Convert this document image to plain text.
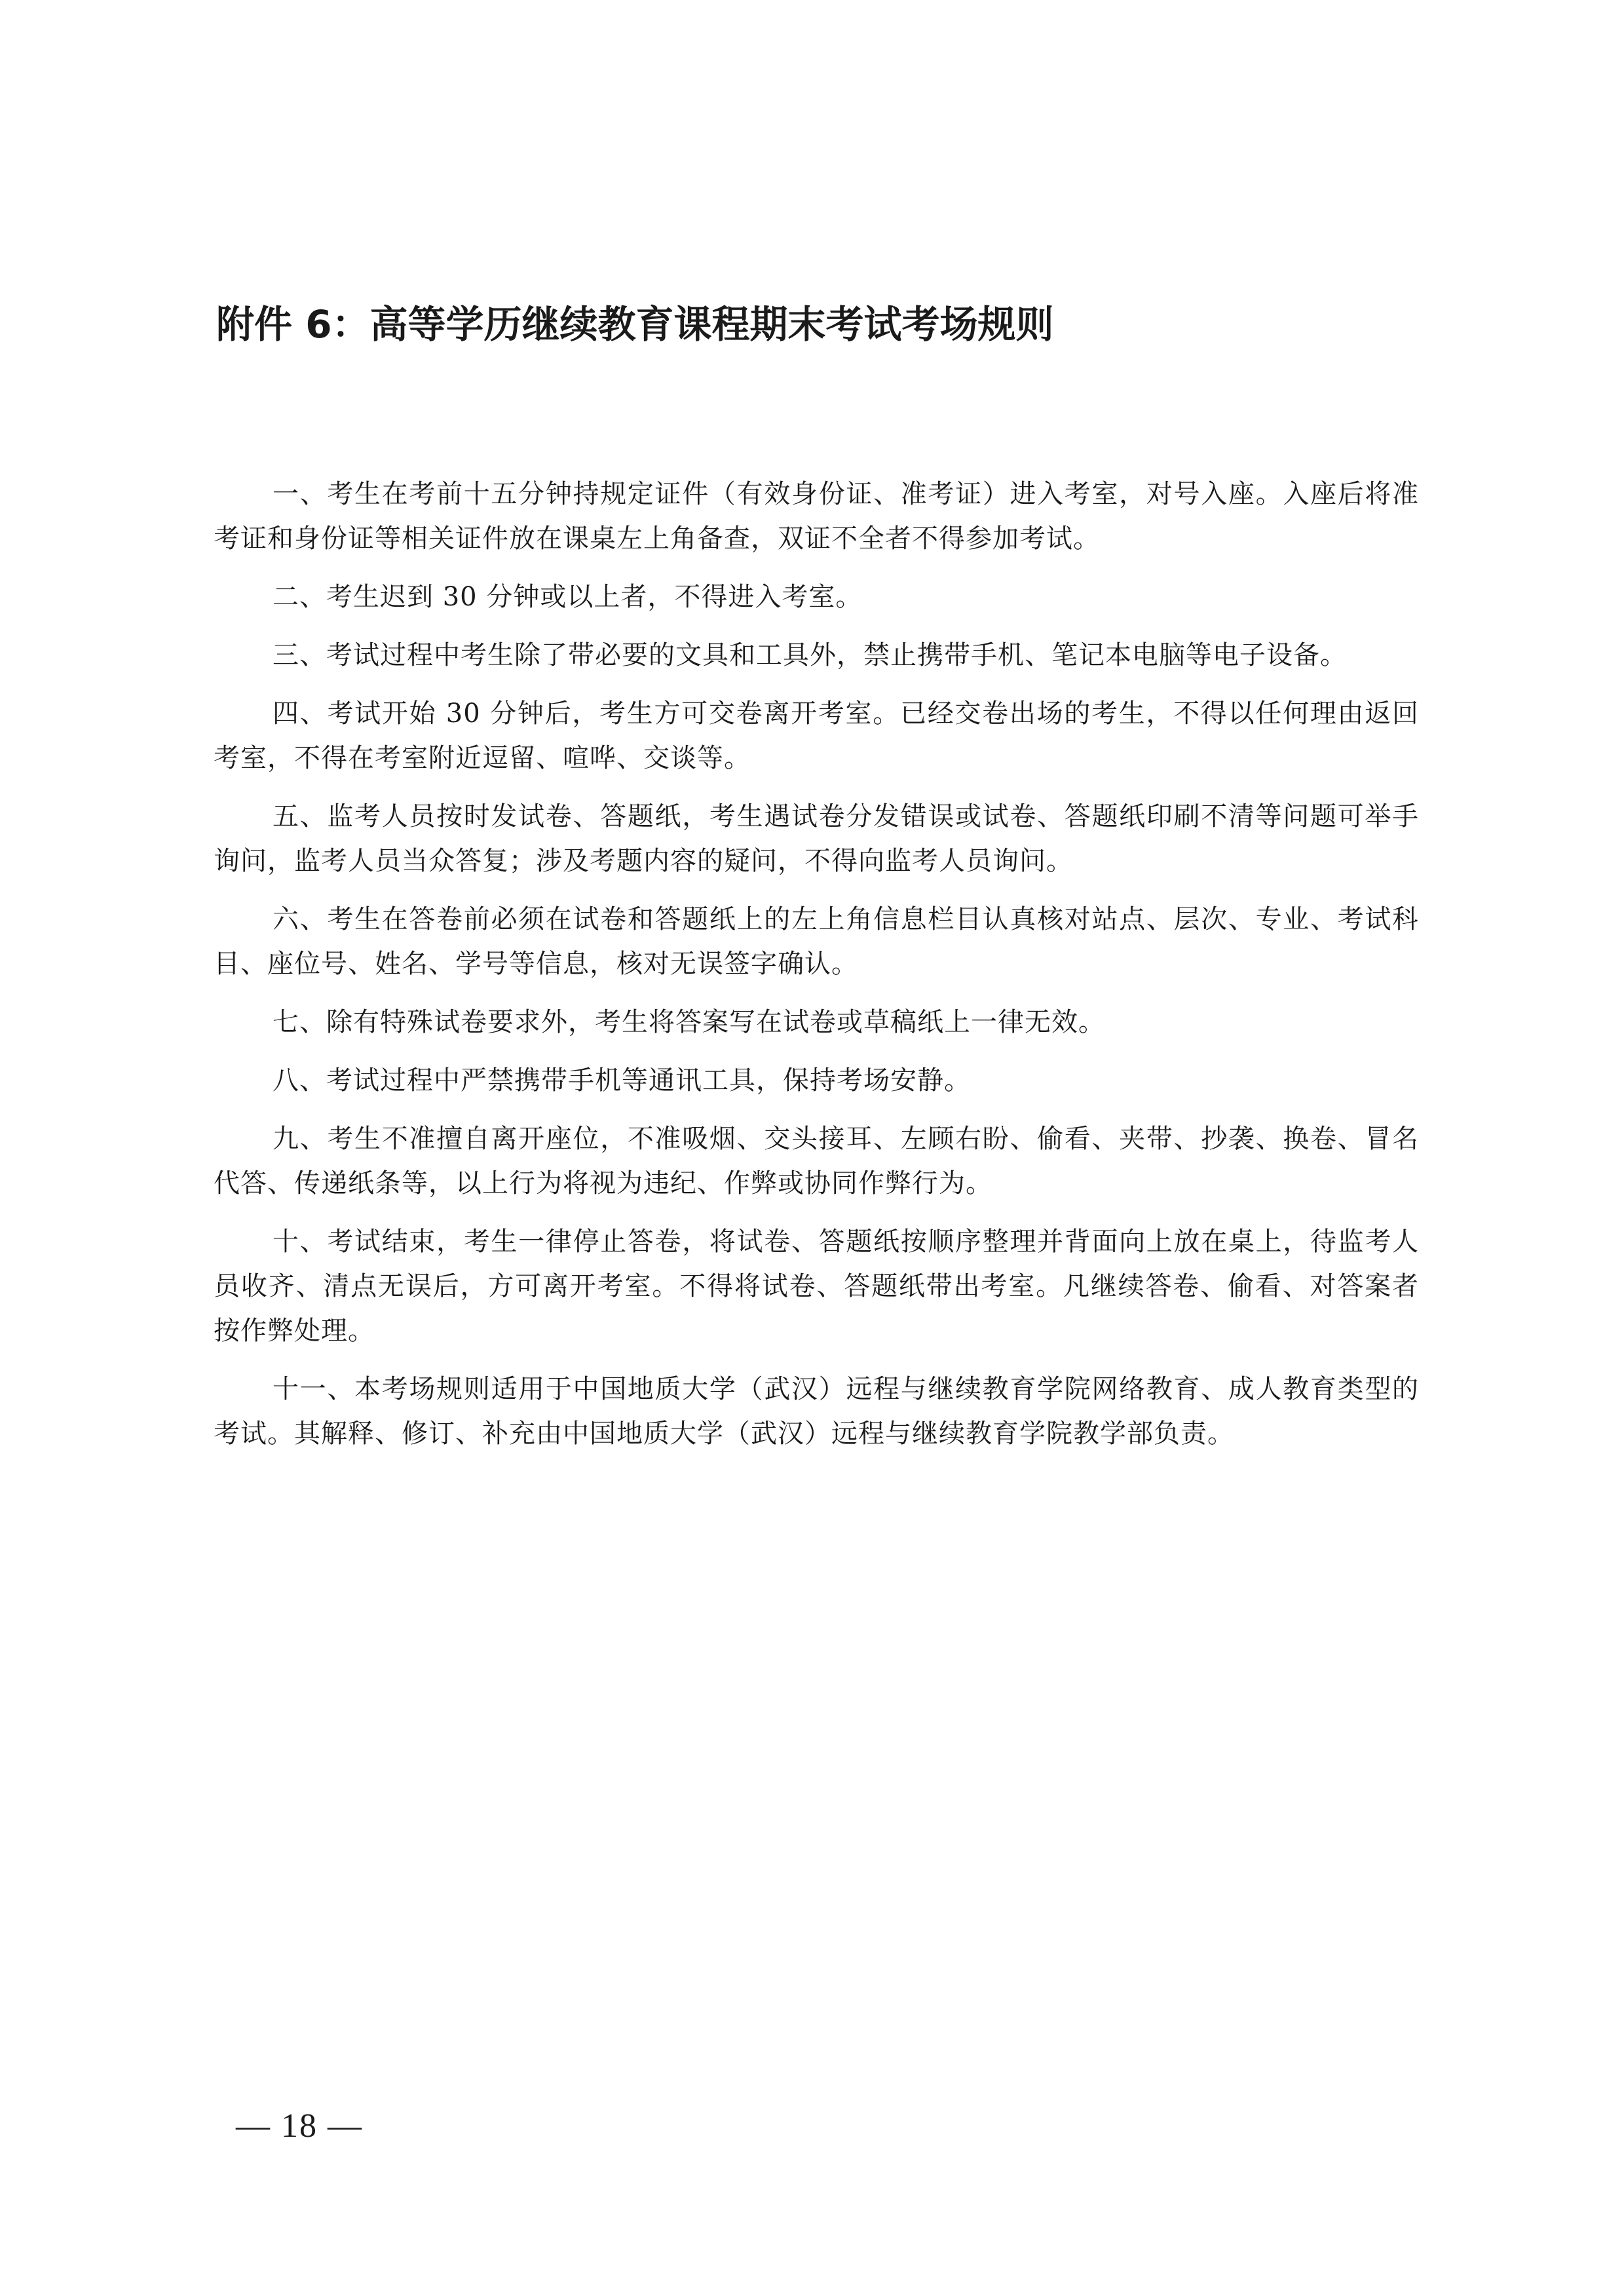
附件 6：高等学历继续教育课程期末考试考场规则

一、考生在考前十五分钟持规定证件（有效身份证、准考证）进入考室，对号入座。入座后将准考证和身份证等相关证件放在课桌左上角备查，双证不全者不得参加考试。

二、考生迟到 30 分钟或以上者，不得进入考室。

三、考试过程中考生除了带必要的文具和工具外，禁止携带手机、笔记本电脑等电子设备。

四、考试开始 30 分钟后，考生方可交卷离开考室。已经交卷出场的考生，不得以任何理由返回考室，不得在考室附近逗留、喧哗、交谈等。

五、监考人员按时发试卷、答题纸，考生遇试卷分发错误或试卷、答题纸印刷不清等问题可举手询问，监考人员当众答复；涉及考题内容的疑问，不得向监考人员询问。

六、考生在答卷前必须在试卷和答题纸上的左上角信息栏目认真核对站点、层次、专业、考试科目、座位号、姓名、学号等信息，核对无误签字确认。

七、除有特殊试卷要求外，考生将答案写在试卷或草稿纸上一律无效。

八、考试过程中严禁携带手机等通讯工具，保持考场安静。

九、考生不准擅自离开座位，不准吸烟、交头接耳、左顾右盼、偷看、夹带、抄袭、换卷、冒名代答、传递纸条等，以上行为将视为违纪、作弊或协同作弊行为。

十、考试结束，考生一律停止答卷，将试卷、答题纸按顺序整理并背面向上放在桌上，待监考人员收齐、清点无误后，方可离开考室。不得将试卷、答题纸带出考室。凡继续答卷、偷看、对答案者按作弊处理。

十一、本考场规则适用于中国地质大学（武汉）远程与继续教育学院网络教育、成人教育类型的考试。其解释、修订、补充由中国地质大学（武汉）远程与继续教育学院教学部负责。

— 18 —
